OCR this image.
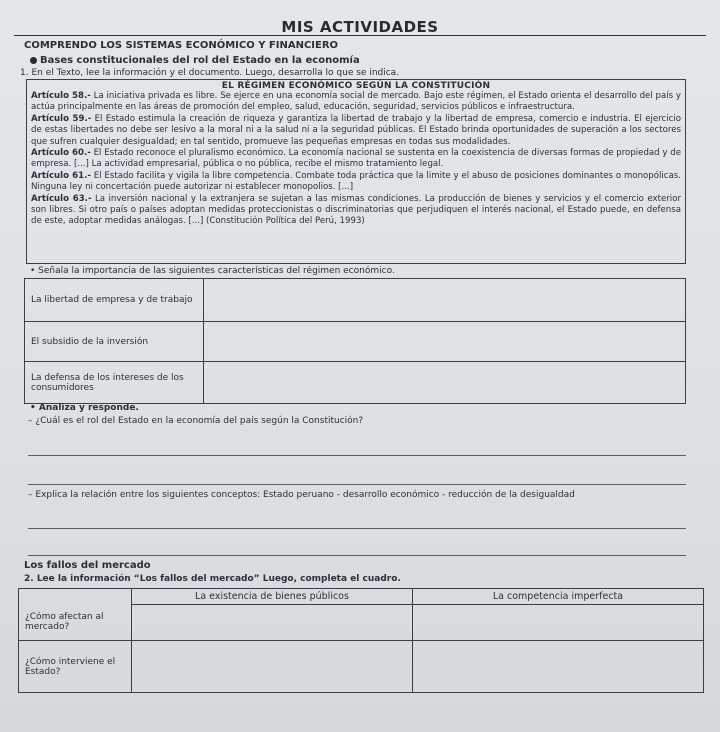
MIS ACTIVIDADES
COMPRENDO LOS SISTEMAS ECONÓMICO Y FINANCIERO
Bases constitucionales del rol del Estado en la economía
1. En el Texto, lee la información y el documento. Luego, desarrolla lo que se indica.
EL RÉGIMEN ECONÓMICO SEGÚN LA CONSTITUCIÓN

Artículo 58.- La iniciativa privada es libre. Se ejerce en una economía social de mercado. Bajo este régimen, el Estado orienta el desarrollo del país y actúa principalmente en las áreas de promoción del empleo, salud, educación, seguridad, servicios públicos e infraestructura.

Artículo 59.- El Estado estimula la creación de riqueza y garantiza la libertad de trabajo y la libertad de empresa, comercio e industria. El ejercicio de estas libertades no debe ser lesivo a la moral ni a la salud ni a la seguridad públicas. El Estado brinda oportunidades de superación a los sectores que sufren cualquier desigualdad; en tal sentido, promueve las pequeñas empresas en todas sus modalidades.

Artículo 60.- El Estado reconoce el pluralismo económico. La economía nacional se sustenta en la coexistencia de diversas formas de propiedad y de empresa. [...] La actividad empresarial, pública o no pública, recibe el mismo tratamiento legal.

Artículo 61.- El Estado facilita y vigila la libre competencia. Combate toda práctica que la limite y el abuso de posiciones dominantes o monopólicas. Ninguna ley ni concertación puede autorizar ni establecer monopolios. [...]

Artículo 63.- La inversión nacional y la extranjera se sujetan a las mismas condiciones. La producción de bienes y servicios y el comercio exterior son libres. Si otro país o países adoptan medidas proteccionistas o discriminatorias que perjudiquen el interés nacional, el Estado puede, en defensa de este, adoptar medidas análogas. [...] (Constitución Política del Perú, 1993)

• Señala la importancia de las siguientes características del régimen económico.
La libertad de empresa y de trabajo	
El subsidio de la inversión	
La defensa de los intereses de los consumidores	
• Analiza y responde.
– ¿Cuál es el rol del Estado en la economía del país según la Constitución?
– Explica la relación entre los siguientes conceptos: Estado peruano - desarrollo económico - reducción de la desigualdad
Los fallos del mercado
2. Lee la información “Los fallos del mercado” Luego, completa el cuadro.
	La existencia de bienes públicos	La competencia imperfecta
¿Cómo afectan al mercado?		
¿Cómo interviene el Estado?		
